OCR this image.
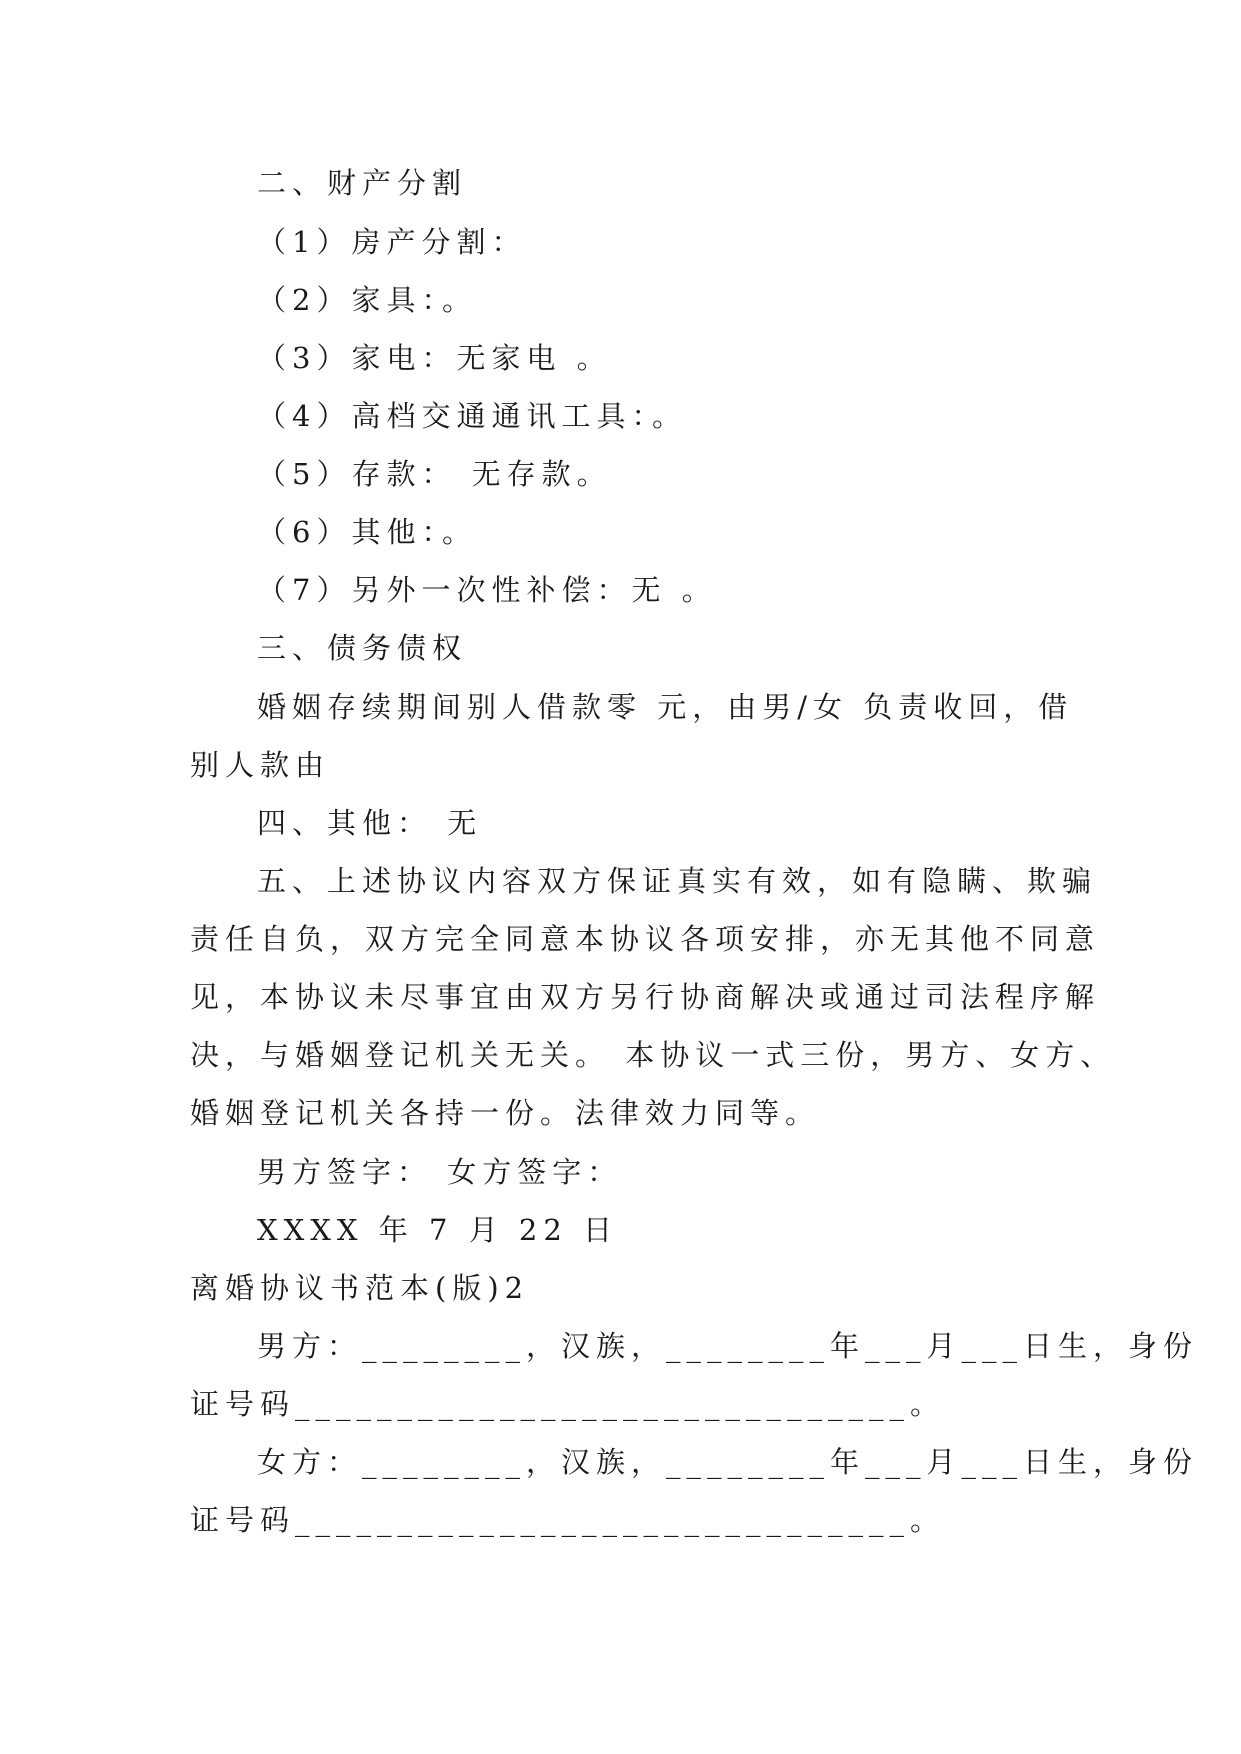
二、财产分割
（1）房产分割：
（2）家具：。
（3）家电：无家电 。
（4）高档交通通讯工具：。
（5）存款： 无存款。
（6）其他：。
（7）另外一次性补偿：无 。
三、债务债权
婚姻存续期间别人借款零 元，由男/女 负责收回，借
别人款由
四、其他： 无
五、上述协议内容双方保证真实有效，如有隐瞒、欺骗
责任自负，双方完全同意本协议各项安排，亦无其他不同意
见，本协议未尽事宜由双方另行协商解决或通过司法程序解
决，与婚姻登记机关无关。 本协议一式三份，男方、女方、
婚姻登记机关各持一份。法律效力同等。
男方签字： 女方签字：
XXXX 年 7 月 22 日
离婚协议书范本(版)2
男方：________，汉族，________年___月___日生，身份
证号码______________________________。
女方：________，汉族，________年___月___日生，身份
证号码______________________________。
